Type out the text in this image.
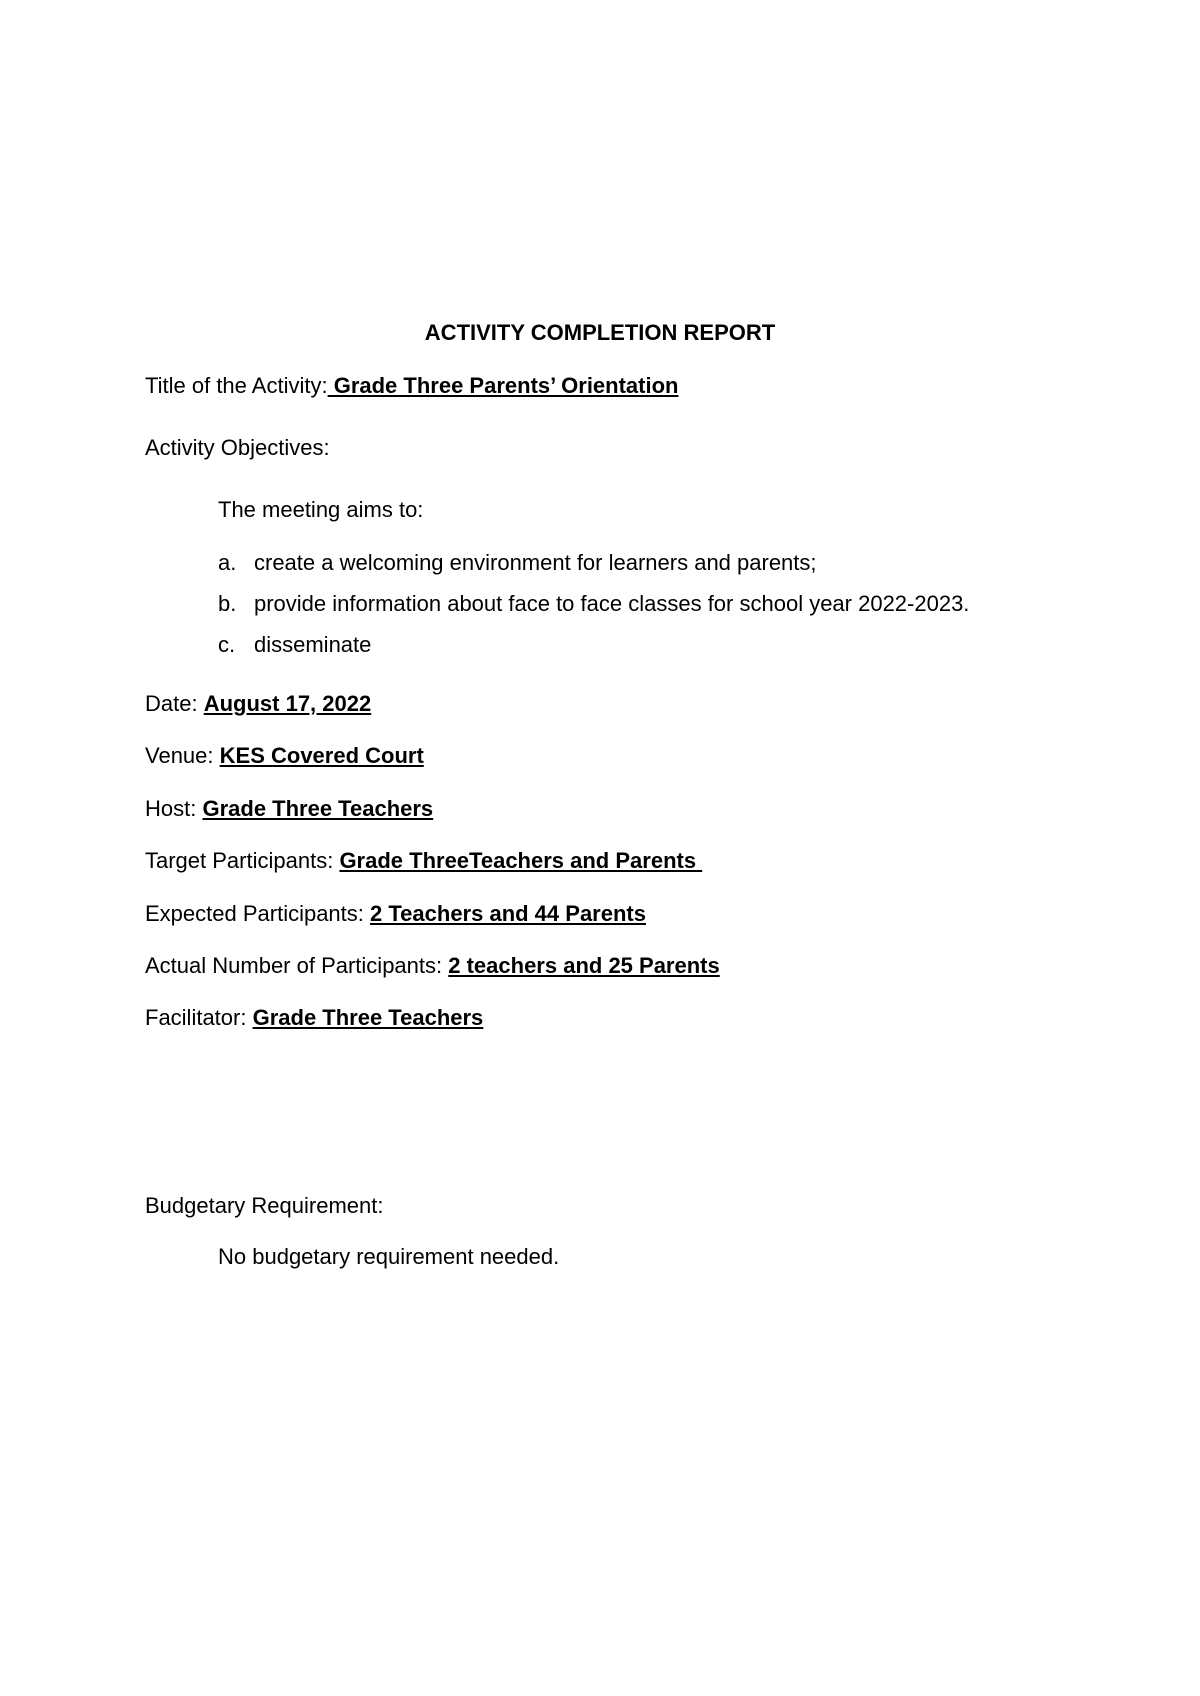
ACTIVITY COMPLETION REPORT
Title of the Activity: Grade Three Parents’ Orientation
Activity Objectives:
The meeting aims to:
a. create a welcoming environment for learners and parents;
b. provide information about face to face classes for school year 2022-2023.
c. disseminate
Date: August 17, 2022
Venue: KES Covered Court
Host: Grade Three Teachers
Target Participants: Grade ThreeTeachers and Parents
Expected Participants: 2 Teachers and 44 Parents
Actual Number of Participants: 2 teachers and 25 Parents
Facilitator: Grade Three Teachers
Budgetary Requirement:
No budgetary requirement needed.
